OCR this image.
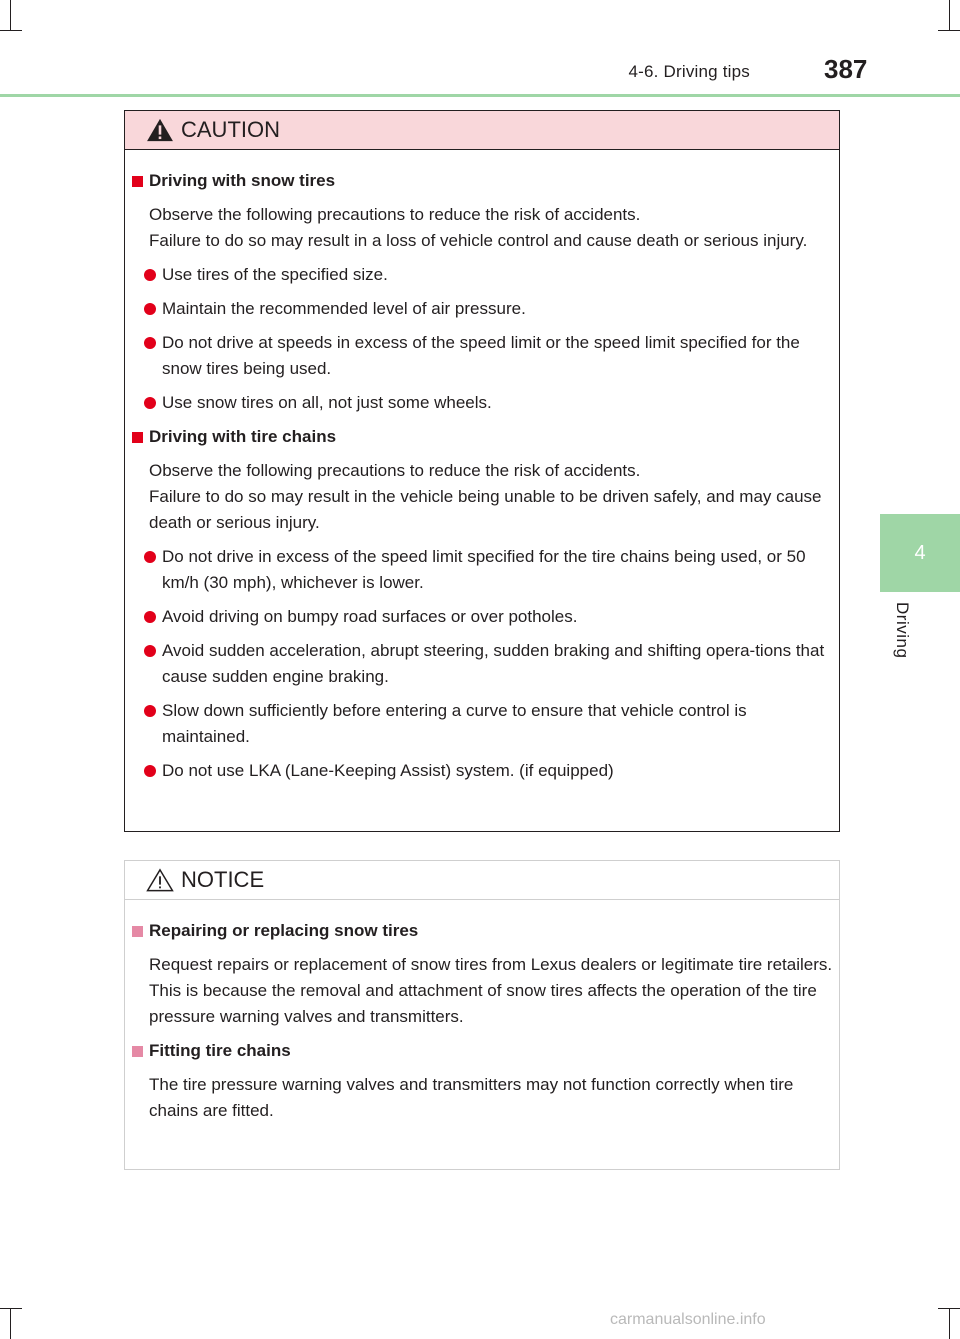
4-6. Driving tips	387
4
Driving
CAUTION
Driving with snow tires
Observe the following precautions to reduce the risk of accidents.
Failure to do so may result in a loss of vehicle control and cause death or serious injury.
Use tires of the specified size.
Maintain the recommended level of air pressure.
Do not drive at speeds in excess of the speed limit or the speed limit specified for the snow tires being used.
Use snow tires on all, not just some wheels.
Driving with tire chains
Observe the following precautions to reduce the risk of accidents.
Failure to do so may result in the vehicle being unable to be driven safely, and may cause death or serious injury.
Do not drive in excess of the speed limit specified for the tire chains being used, or 50 km/h (30 mph), whichever is lower.
Avoid driving on bumpy road surfaces or over potholes.
Avoid sudden acceleration, abrupt steering, sudden braking and shifting opera-tions that cause sudden engine braking.
Slow down sufficiently before entering a curve to ensure that vehicle control is maintained.
Do not use LKA (Lane-Keeping Assist) system. (if equipped)
NOTICE
Repairing or replacing snow tires
Request repairs or replacement of snow tires from Lexus dealers or legitimate tire retailers.
This is because the removal and attachment of snow tires affects the operation of the tire pressure warning valves and transmitters.
Fitting tire chains
The tire pressure warning valves and transmitters may not function correctly when tire chains are fitted.
carmanualsonline.info
